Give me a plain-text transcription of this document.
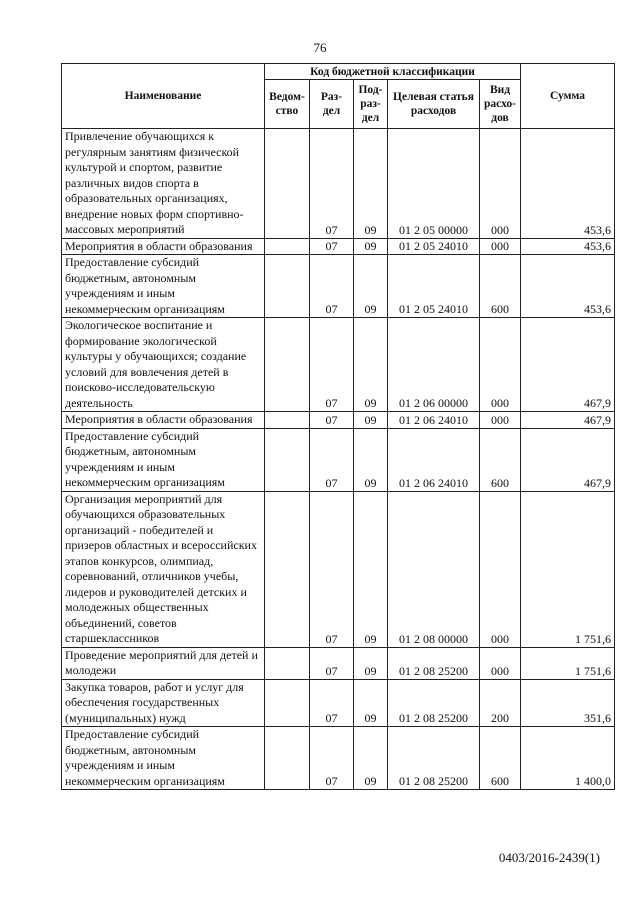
76
Наименование	Код бюджетной классификации					Сумма
	Ведом-ство	Раз-дел	Под-раз-дел	Целевая статья расходов	Вид расхо-дов	
Привлечение обучающихся к регулярным занятиям физической культурой и спортом, развитие различных видов спорта в образовательных организациях, внедрение новых форм спортивно-массовых мероприятий		07	09	01 2 05 00000	000	453,6
Мероприятия в области образования		07	09	01 2 05 24010	000	453,6
Предоставление субсидий бюджетным, автономным учреждениям и иным некоммерческим организациям		07	09	01 2 05 24010	600	453,6
Экологическое воспитание и формирование экологической культуры у обучающихся; создание условий для вовлечения детей в поисково-исследовательскую деятельность		07	09	01 2 06 00000	000	467,9
Мероприятия в области образования		07	09	01 2 06 24010	000	467,9
Предоставление субсидий бюджетным, автономным учреждениям и иным некоммерческим организациям		07	09	01 2 06 24010	600	467,9
Организация мероприятий для обучающихся образовательных организаций - победителей и призеров областных и всероссийских этапов конкурсов, олимпиад, соревнований, отличников учебы, лидеров и руководителей детских и молодежных общественных объединений, советов старшеклассников		07	09	01 2 08 00000	000	1 751,6
Проведение мероприятий для детей и молодежи		07	09	01 2 08 25200	000	1 751,6
Закупка товаров, работ и услуг для обеспечения государственных (муниципальных) нужд		07	09	01 2 08 25200	200	351,6
Предоставление субсидий бюджетным, автономным учреждениям и иным некоммерческим организациям		07	09	01 2 08 25200	600	1 400,0
0403/2016-2439(1)
